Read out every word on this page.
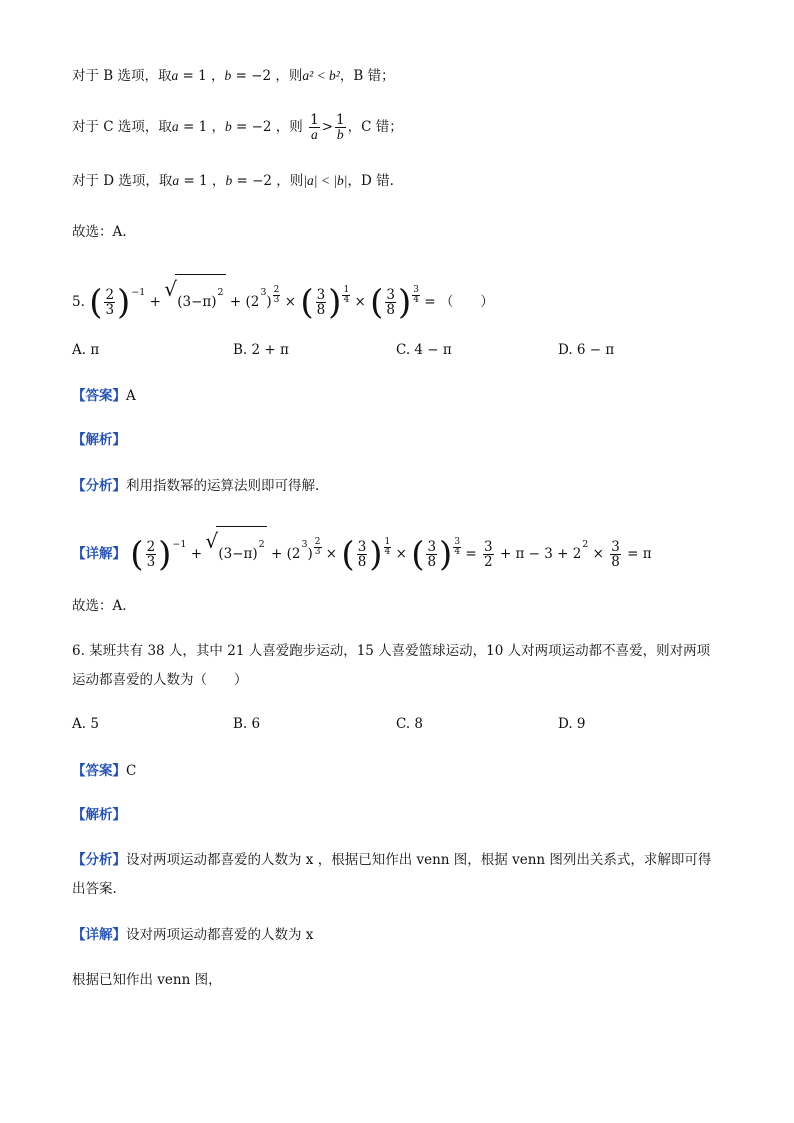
对于 B 选项，取a = 1 ，b = −2 ，则a² < b²，B 错；
对于 C 选项，取a = 1 ，b = −2 ，则 $\frac{1}{a} > \frac{1}{b}$ ，C 错；
对于 D 选项，取a = 1 ，b = −2 ，则|a| < |b|，D 错.
故选：A.
5. ( $\frac{2}{3} )^{-1}$ + √ $(3-\pi)^2 + (2^3) \frac{2}{3}$ × ( $\frac{3}{8}$ ) $\frac{1}{4}$ × ( $\frac{3}{8}$ ) $\frac{3}{4}$ = （　　）
A. π	B. 2 + π	C. 4 − π	D. 6 − π
【答案】A
【解析】
【分析】利用指数幂的运算法则即可得解.
【详解】 ( $\frac{2}{3} )^{-1}$ + √ $(3-\pi)^2 + (2^3) \frac{2}{3}$ × ( $\frac{3}{8}$ ) $\frac{1}{4}$ × ( $\frac{3}{8}$ ) $\frac{3}{4} = \frac{3}{2} + \pi - 3 + 2^2 \times \frac{3}{8} = \pi$
故选：A.
6. 某班共有 38 人，其中 21 人喜爱跑步运动，15 人喜爱篮球运动，10 人对两项运动都不喜爱，则对两项
运动都喜爱的人数为（　　）
A. 5	B. 6	C. 8	D. 9
【答案】C
【解析】
【分析】设对两项运动都喜爱的人数为 x ，根据已知作出 venn 图，根据 venn 图列出关系式，求解即可得
出答案.
【详解】设对两项运动都喜爱的人数为 x
根据已知作出 venn 图，
